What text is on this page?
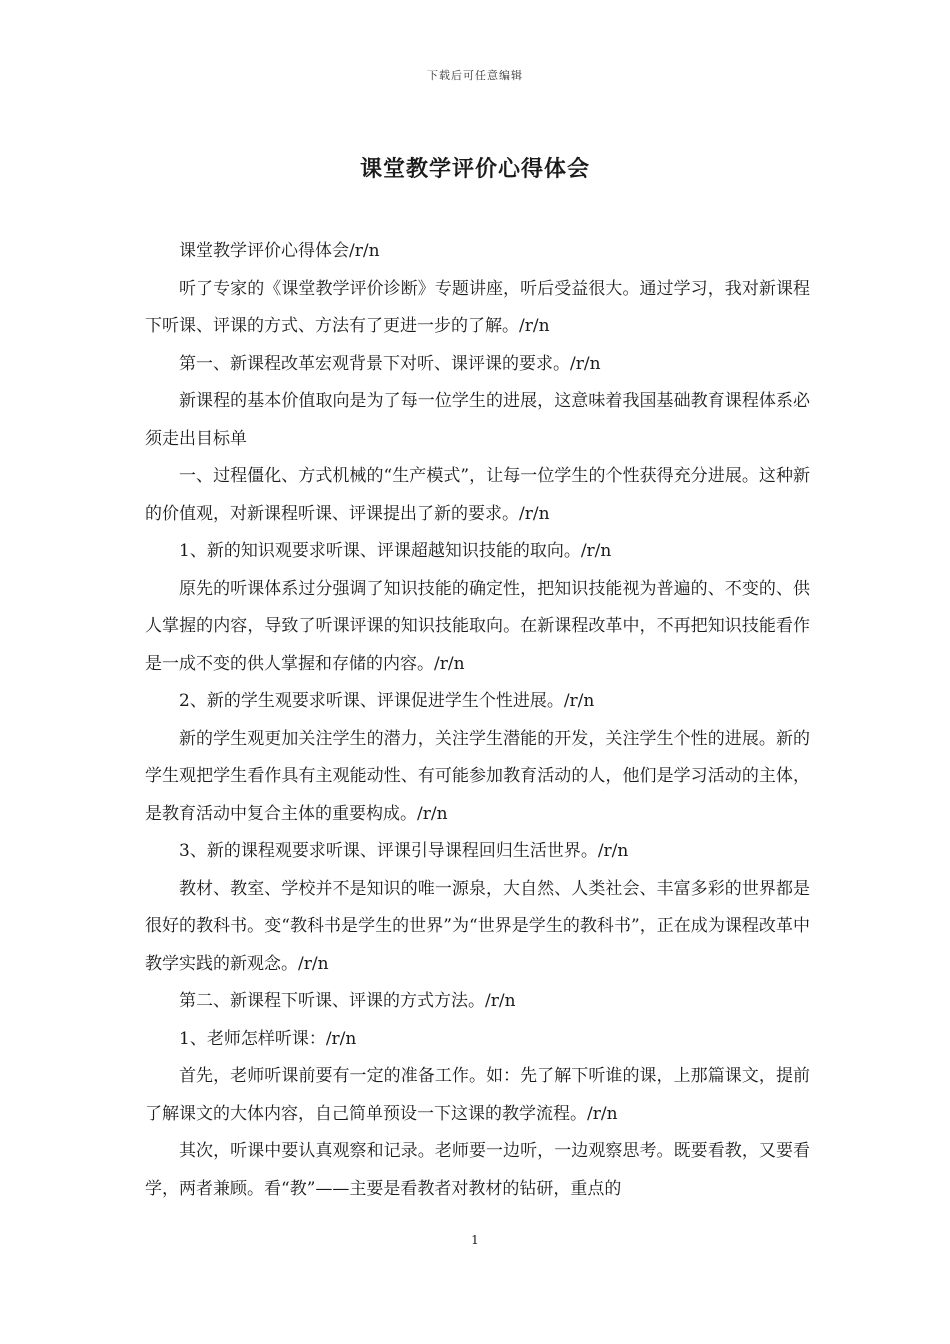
下载后可任意编辑
课堂教学评价心得体会

课堂教学评价心得体会/r/n

听了专家的《课堂教学评价诊断》专题讲座，听后受益很大。通过学习，我对新课程下听课、评课的方式、方法有了更进一步的了解。/r/n

第一、新课程改革宏观背景下对听、课评课的要求。/r/n

新课程的基本价值取向是为了每一位学生的进展，这意味着我国基础教育课程体系必须走出目标单

一、过程僵化、方式机械的“生产模式”，让每一位学生的个性获得充分进展。这种新的价值观，对新课程听课、评课提出了新的要求。/r/n

1、新的知识观要求听课、评课超越知识技能的取向。/r/n

原先的听课体系过分强调了知识技能的确定性，把知识技能视为普遍的、不变的、供人掌握的内容，导致了听课评课的知识技能取向。在新课程改革中，不再把知识技能看作是一成不变的供人掌握和存储的内容。/r/n

2、新的学生观要求听课、评课促进学生个性进展。/r/n

新的学生观更加关注学生的潜力，关注学生潜能的开发，关注学生个性的进展。新的学生观把学生看作具有主观能动性、有可能参加教育活动的人，他们是学习活动的主体，是教育活动中复合主体的重要构成。/r/n

3、新的课程观要求听课、评课引导课程回归生活世界。/r/n

教材、教室、学校并不是知识的唯一源泉，大自然、人类社会、丰富多彩的世界都是很好的教科书。变“教科书是学生的世界”为“世界是学生的教科书”，正在成为课程改革中教学实践的新观念。/r/n

第二、新课程下听课、评课的方式方法。/r/n

1、老师怎样听课：/r/n

首先，老师听课前要有一定的准备工作。如：先了解下听谁的课，上那篇课文，提前了解课文的大体内容，自己简单预设一下这课的教学流程。/r/n

其次，听课中要认真观察和记录。老师要一边听，一边观察思考。既要看教，又要看学，两者兼顾。看“教”——主要是看教者对教材的钻研，重点的

1
